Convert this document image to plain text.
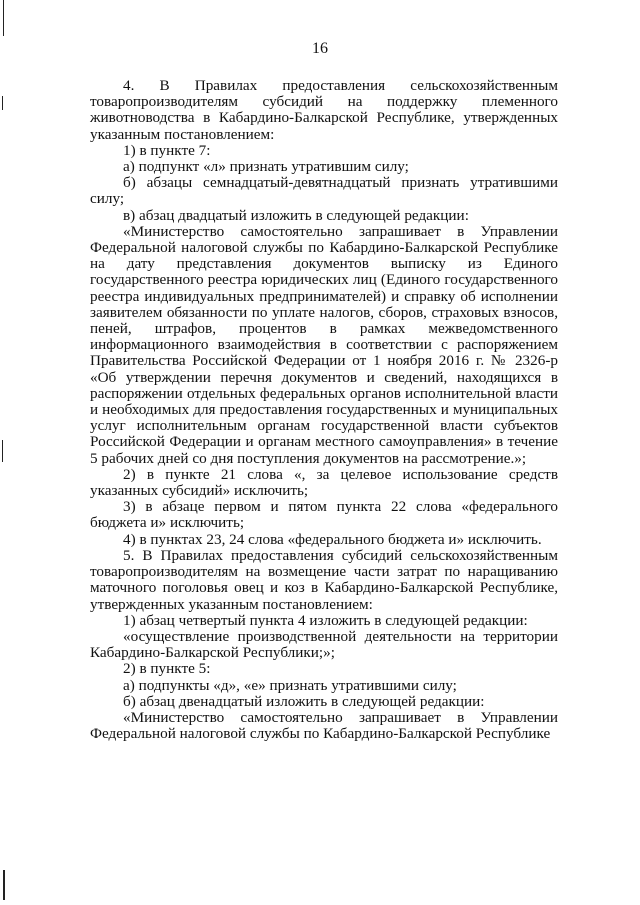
16

4. В Правилах предоставления сельскохозяйственным товаропроизводителям субсидий на поддержку племенного животноводства в Кабардино-Балкарской Республике, утвержденных указанным постановлением:

1) в пункте 7:

а) подпункт «л» признать утратившим силу;

б) абзацы семнадцатый-девятнадцатый признать утратившими силу;

в) абзац двадцатый изложить в следующей редакции:

«Министерство самостоятельно запрашивает в Управлении Федеральной налоговой службы по Кабардино-Балкарской Республике на дату представления документов выписку из Единого государственного реестра юридических лиц (Единого государственного реестра индивидуальных предпринимателей) и справку об исполнении заявителем обязанности по уплате налогов, сборов, страховых взносов, пеней, штрафов, процентов в рамках межведомственного информационного взаимодействия в соответствии с распоряжением Правительства Российской Федерации от 1 ноября 2016 г. № 2326-р «Об утверждении перечня документов и сведений, находящихся в распоряжении отдельных федеральных органов исполнительной власти и необходимых для предоставления государственных и муниципальных услуг исполнительным органам государственной власти субъектов Российской Федерации и органам местного самоуправления» в течение 5 рабочих дней со дня поступления документов на рассмотрение.»;

2) в пункте 21 слова «, за целевое использование средств указанных субсидий» исключить;

3) в абзаце первом и пятом пункта 22 слова «федерального бюджета и» исключить;

4) в пунктах 23, 24 слова «федерального бюджета и» исключить.

5. В Правилах предоставления субсидий сельскохозяйственным товаропроизводителям на возмещение части затрат по наращиванию маточного поголовья овец и коз в Кабардино-Балкарской Республике, утвержденных указанным постановлением:

1) абзац четвертый пункта 4 изложить в следующей редакции:

«осуществление производственной деятельности на территории Кабардино-Балкарской Республики;»;

2) в пункте 5:

а) подпункты «д», «е» признать утратившими силу;

б) абзац двенадцатый изложить в следующей редакции:

«Министерство самостоятельно запрашивает в Управлении Федеральной налоговой службы по Кабардино-Балкарской Республике
